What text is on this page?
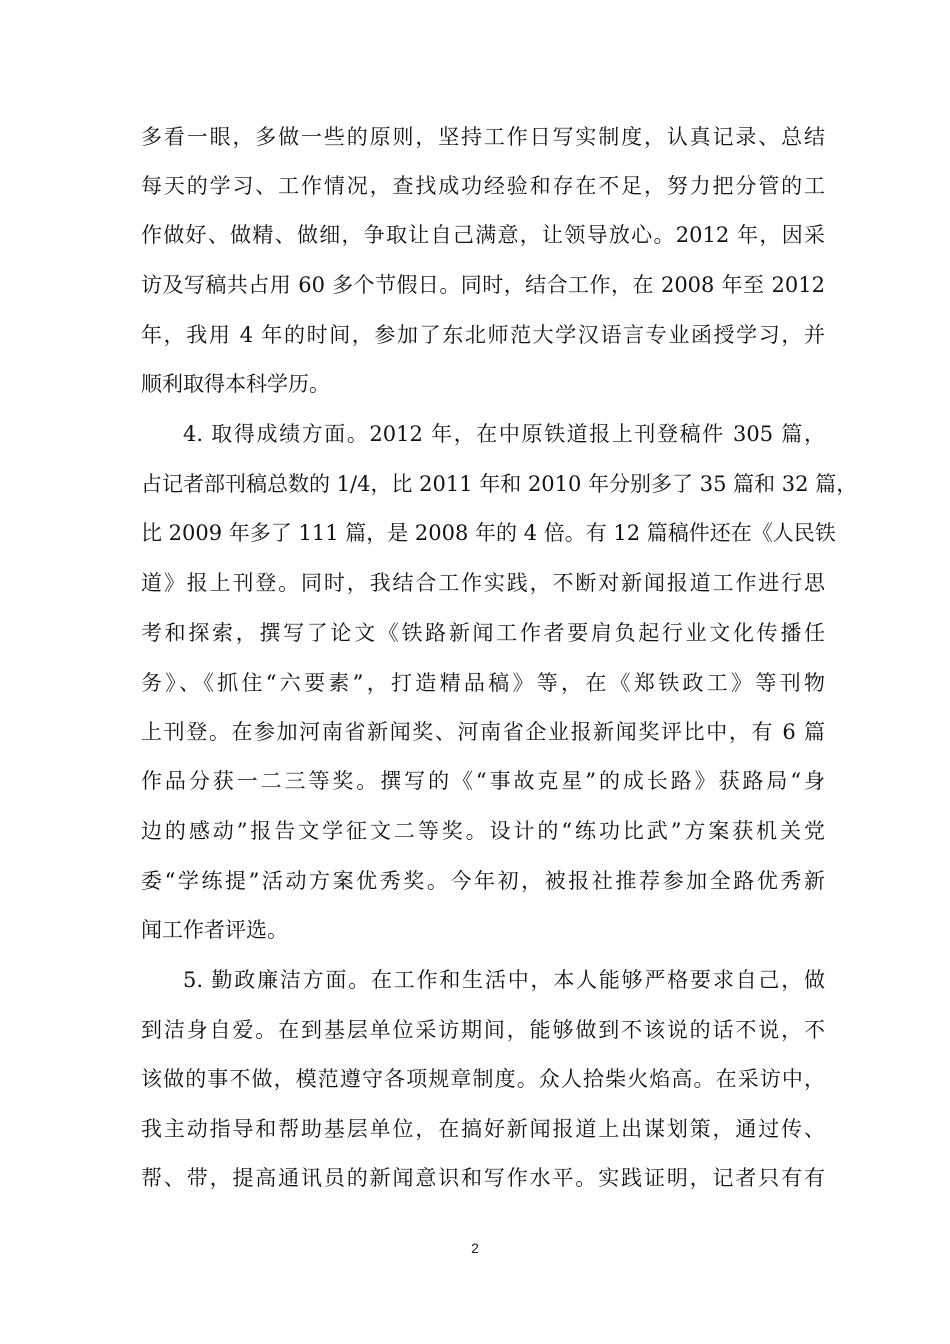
多看一眼，多做一些的原则，坚持工作日写实制度，认真记录、总结
每天的学习、工作情况，查找成功经验和存在不足，努力把分管的工
作做好、做精、做细，争取让自己满意，让领导放心。2012 年，因采
访及写稿共占用 60 多个节假日。同时，结合工作，在 2008 年至 2012
年，我用 4 年的时间，参加了东北师范大学汉语言专业函授学习，并
顺利取得本科学历。
4. 取得成绩方面。2012 年，在中原铁道报上刊登稿件 305 篇，
占记者部刊稿总数的 1/4，比 2011 年和 2010 年分别多了 35 篇和 32 篇，
比 2009 年多了 111 篇，是 2008 年的 4 倍。有 12 篇稿件还在《人民铁
道》报上刊登。同时，我结合工作实践，不断对新闻报道工作进行思
考和探索，撰写了论文《铁路新闻工作者要肩负起行业文化传播任
务》、《抓住“六要素”，打造精品稿》等，在《郑铁政工》等刊物
上刊登。在参加河南省新闻奖、河南省企业报新闻奖评比中，有 6 篇
作品分获一二三等奖。撰写的《“事故克星”的成长路》获路局“身
边的感动”报告文学征文二等奖。设计的“练功比武”方案获机关党
委“学练提”活动方案优秀奖。今年初，被报社推荐参加全路优秀新
闻工作者评选。
5. 勤政廉洁方面。在工作和生活中，本人能够严格要求自己，做
到洁身自爱。在到基层单位采访期间，能够做到不该说的话不说，不
该做的事不做，模范遵守各项规章制度。众人拾柴火焰高。在采访中，
我主动指导和帮助基层单位，在搞好新闻报道上出谋划策，通过传、
帮、带，提高通讯员的新闻意识和写作水平。实践证明，记者只有有
2
